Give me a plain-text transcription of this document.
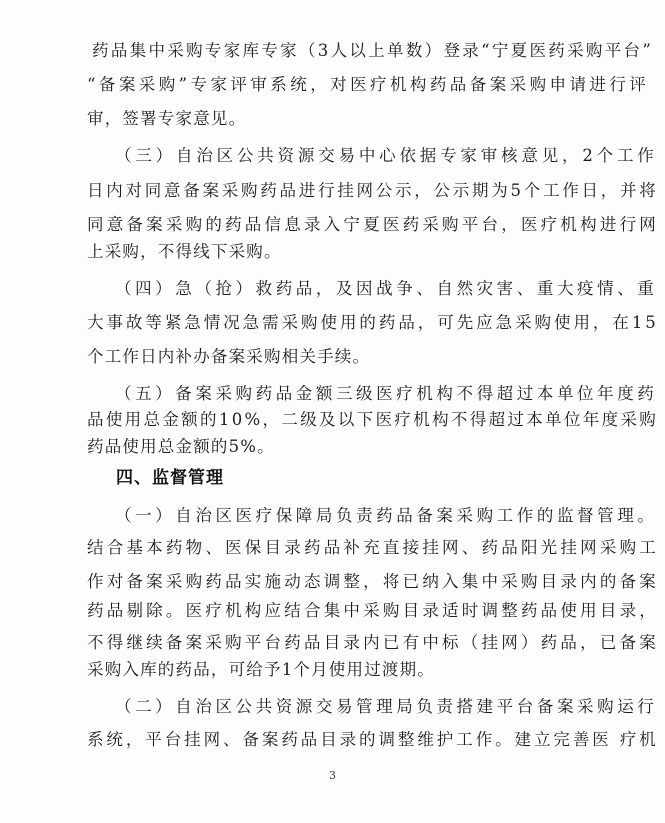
药品集中采购专家库专家（3人以上单数）登录“宁夏医药采购平台”
“备案采购”专家评审系统，对医疗机构药品备案采购申请进行评
审，签署专家意见。
（三）自治区公共资源交易中心依据专家审核意见，2个工作
日内对同意备案采购药品进行挂网公示，公示期为5个工作日，并将
同意备案采购的药品信息录入宁夏医药采购平台，医疗机构进行网
上采购，不得线下采购。
（四）急（抢）救药品，及因战争、自然灾害、重大疫情、重
大事故等紧急情况急需采购使用的药品，可先应急采购使用，在15
个工作日内补办备案采购相关手续。
（五）备案采购药品金额三级医疗机构不得超过本单位年度药
品使用总金额的10%，二级及以下医疗机构不得超过本单位年度采购
药品使用总金额的5%。
四、监督管理
（一）自治区医疗保障局负责药品备案采购工作的监督管理。
结合基本药物、医保目录药品补充直接挂网、药品阳光挂网采购工
作对备案采购药品实施动态调整，将已纳入集中采购目录内的备案
药品剔除。医疗机构应结合集中采购目录适时调整药品使用目录，
不得继续备案采购平台药品目录内已有中标（挂网）药品，已备案
采购入库的药品，可给予1个月使用过渡期。
（二）自治区公共资源交易管理局负责搭建平台备案采购运行
系统，平台挂网、备案药品目录的调整维护工作。建立完善医 疗机
3
